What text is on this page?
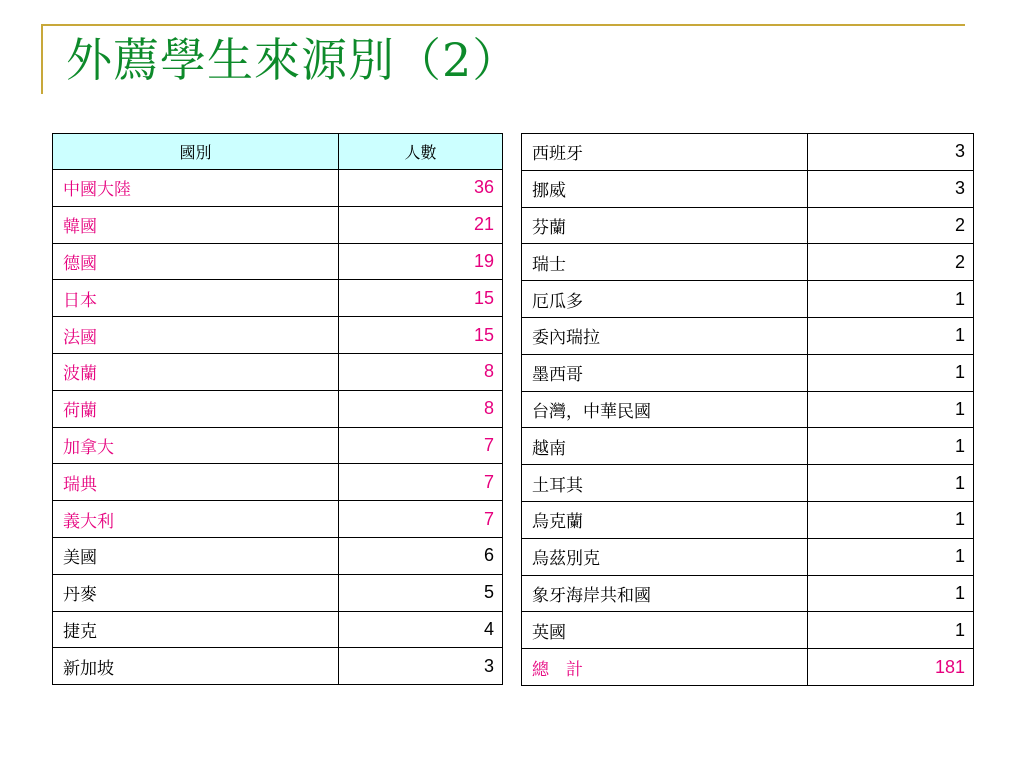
外薦學生來源別（2）
國別	人數
中國大陸	36
韓國	21
德國	19
日本	15
法國	15
波蘭	8
荷蘭	8
加拿大	7
瑞典	7
義大利	7
美國	6
丹麥	5
捷克	4
新加坡	3
西班牙	3
挪威	3
芬蘭	2
瑞士	2
厄瓜多	1
委內瑞拉	1
墨西哥	1
台灣，中華民國	1
越南	1
土耳其	1
烏克蘭	1
烏茲別克	1
象牙海岸共和國	1
英國	1
總　計	181
